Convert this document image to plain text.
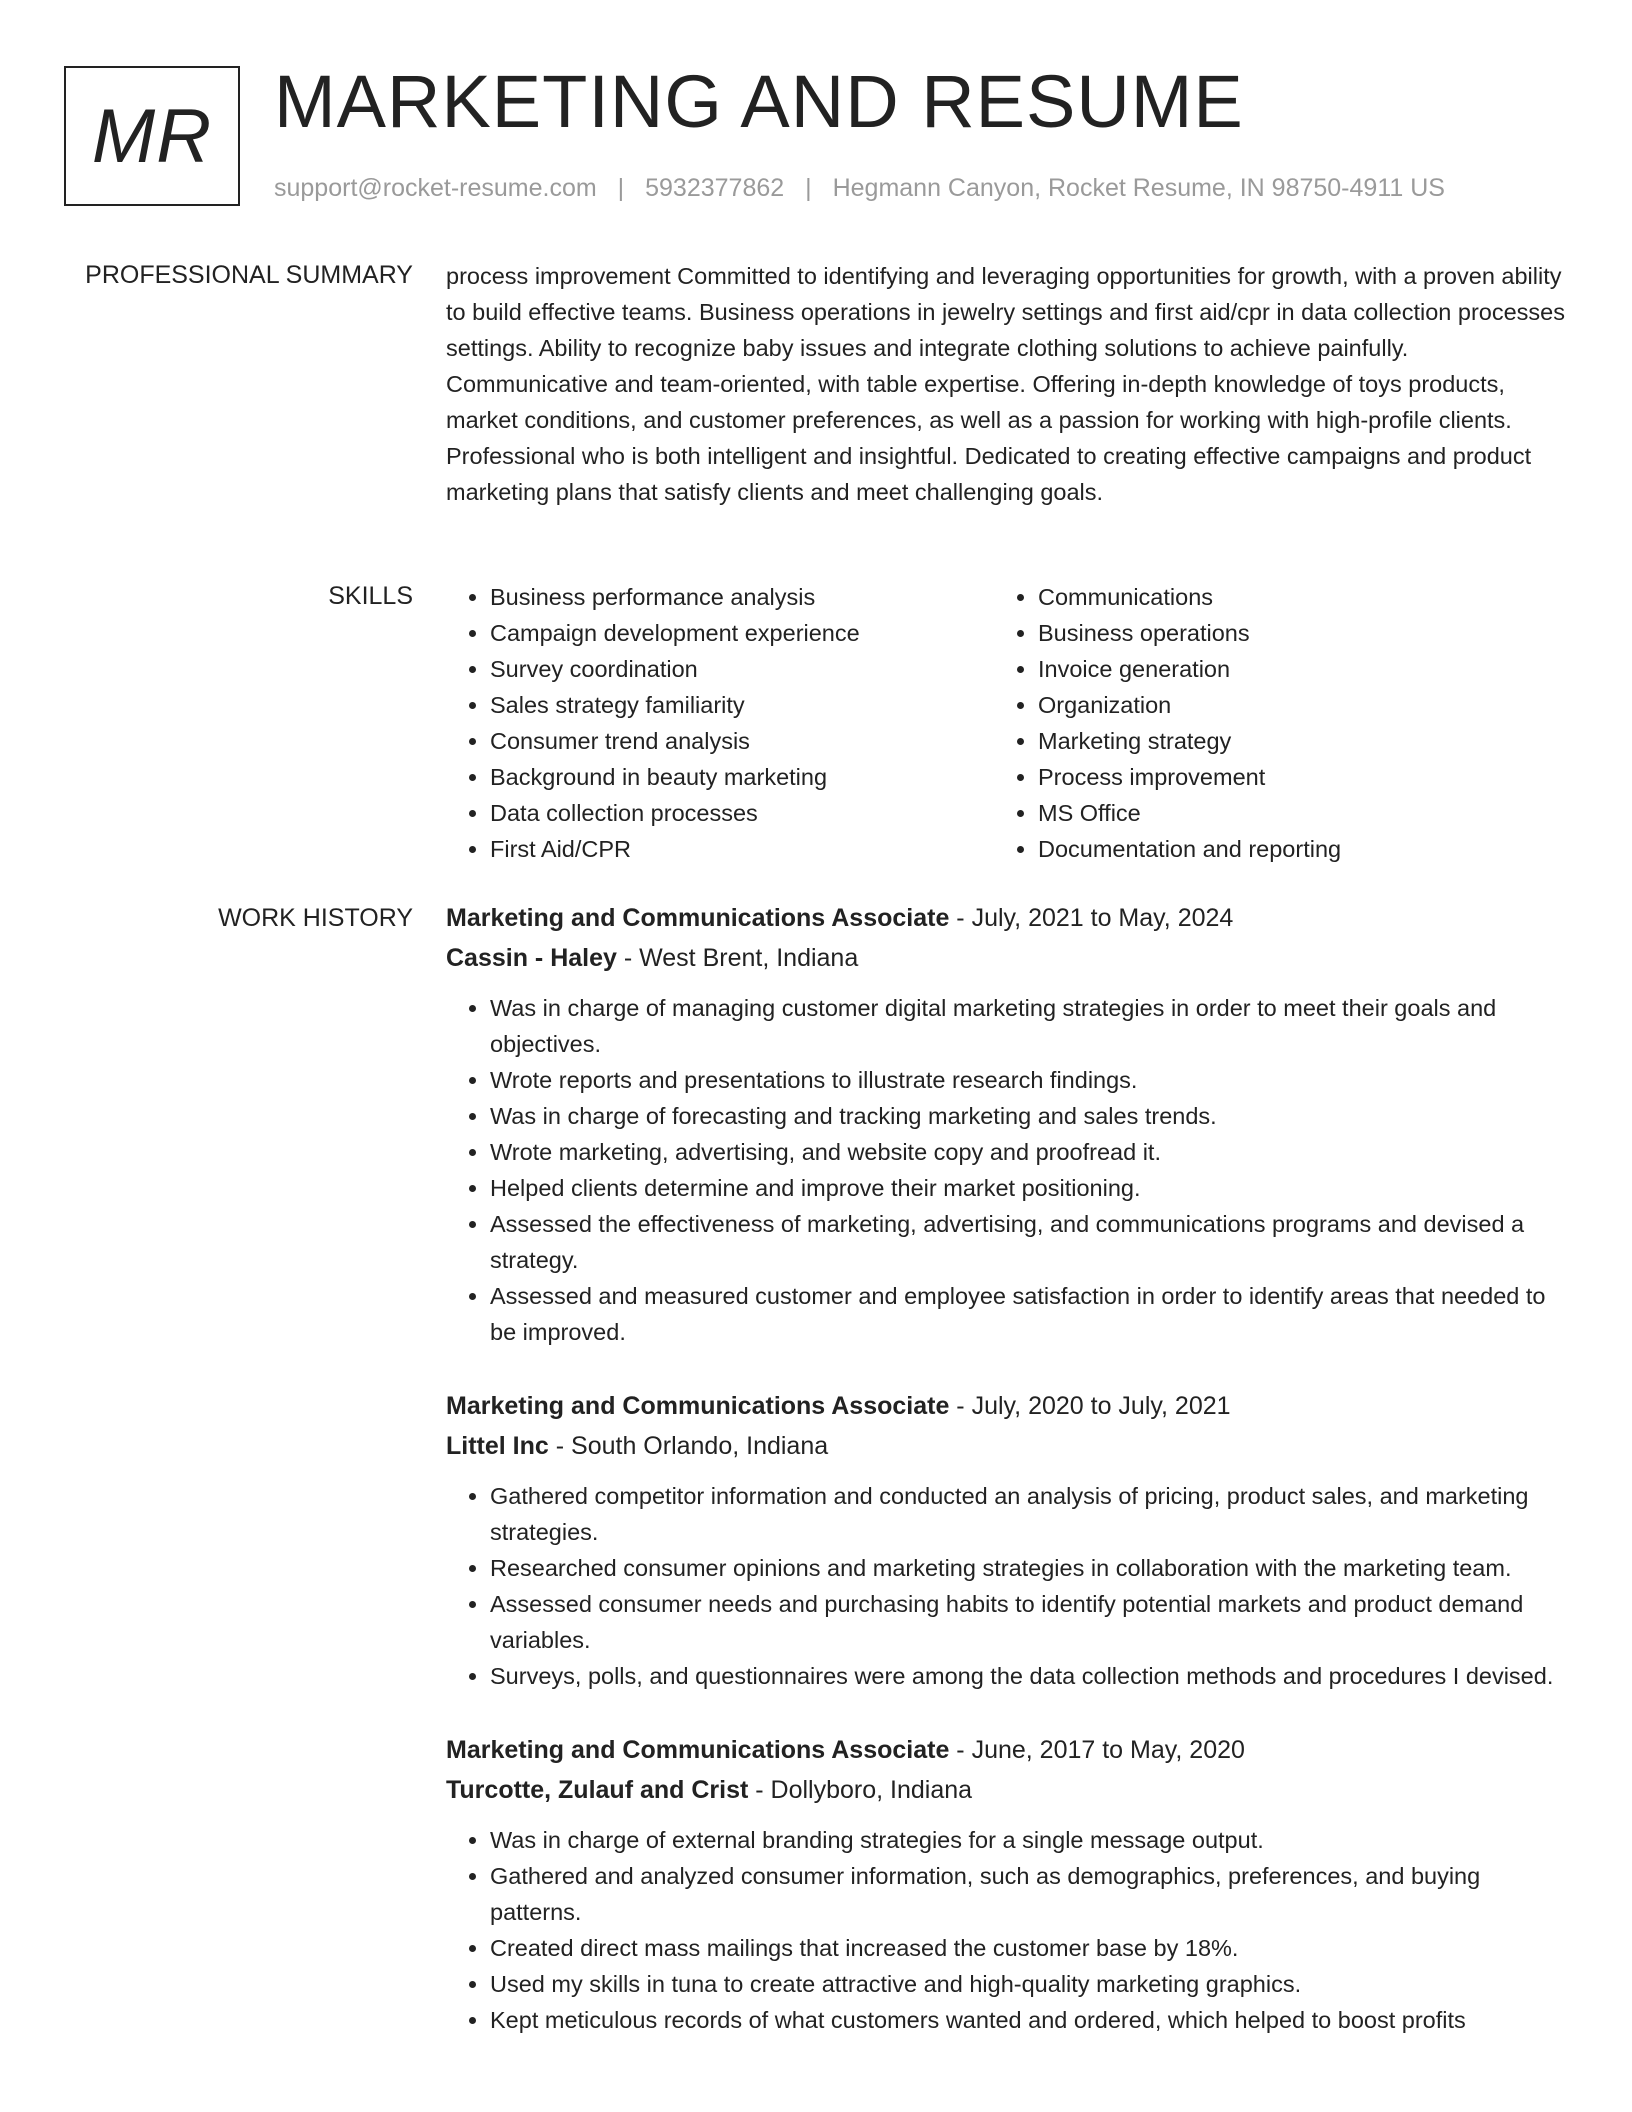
MR MARKETING AND RESUME
support@rocket-resume.com | 5932377862 | Hegmann Canyon, Rocket Resume, IN 98750-4911 US
PROFESSIONAL SUMMARY process improvement Committed to identifying and leveraging opportunities for growth, with a proven ability to build effective teams. Business operations in jewelry settings and first aid/cpr in data collection processes settings. Ability to recognize baby issues and integrate clothing solutions to achieve painfully. Communicative and team-oriented, with table expertise. Offering in-depth knowledge of toys products, market conditions, and customer preferences, as well as a passion for working with high-profile clients. Professional who is both intelligent and insightful. Dedicated to creating effective campaigns and product marketing plans that satisfy clients and meet challenging goals.

SKILLS
•	Business performance analysis
• Campaign development experience
• Survey coordination
• Sales strategy familiarity
• Consumer trend analysis
• Background in beauty marketing
• Data collection processes
• First Aid/CPR
• Communications
• Business operations
• Invoice generation
• Organization
• Marketing strategy
• Process improvement
• MS Office
• Documentation and reporting
WORK HISTORY Marketing and Communications Associate - July, 2021 to May, 2024
Cassin - Haley - West Brent, Indiana
• Was in charge of managing customer digital marketing strategies in order to meet their goals and objectives.
• Wrote reports and presentations to illustrate research findings.
• Was in charge of forecasting and tracking marketing and sales trends.
• Wrote marketing, advertising, and website copy and proofread it.
• Helped clients determine and improve their market positioning.
• Assessed the effectiveness of marketing, advertising, and communications programs and devised a strategy.
• Assessed and measured customer and employee satisfaction in order to identify areas that needed to be improved.
Marketing and Communications Associate - July, 2020 to July, 2021
Littel Inc - South Orlando, Indiana
• Gathered competitor information and conducted an analysis of pricing, product sales, and marketing strategies.
• Researched consumer opinions and marketing strategies in collaboration with the marketing team.
• Assessed consumer needs and purchasing habits to identify potential markets and product demand variables.
• Surveys, polls, and questionnaires were among the data collection methods and procedures I devised.
Marketing and Communications Associate - June, 2017 to May, 2020
Turcotte, Zulauf and Crist - Dollyboro, Indiana
• Was in charge of external branding strategies for a single message output.
• Gathered and analyzed consumer information, such as demographics, preferences, and buying patterns.
• Created direct mass mailings that increased the customer base by 18%.
• Used my skills in tuna to create attractive and high-quality marketing graphics.
• Kept meticulous records of what customers wanted and ordered, which helped to boost profits
